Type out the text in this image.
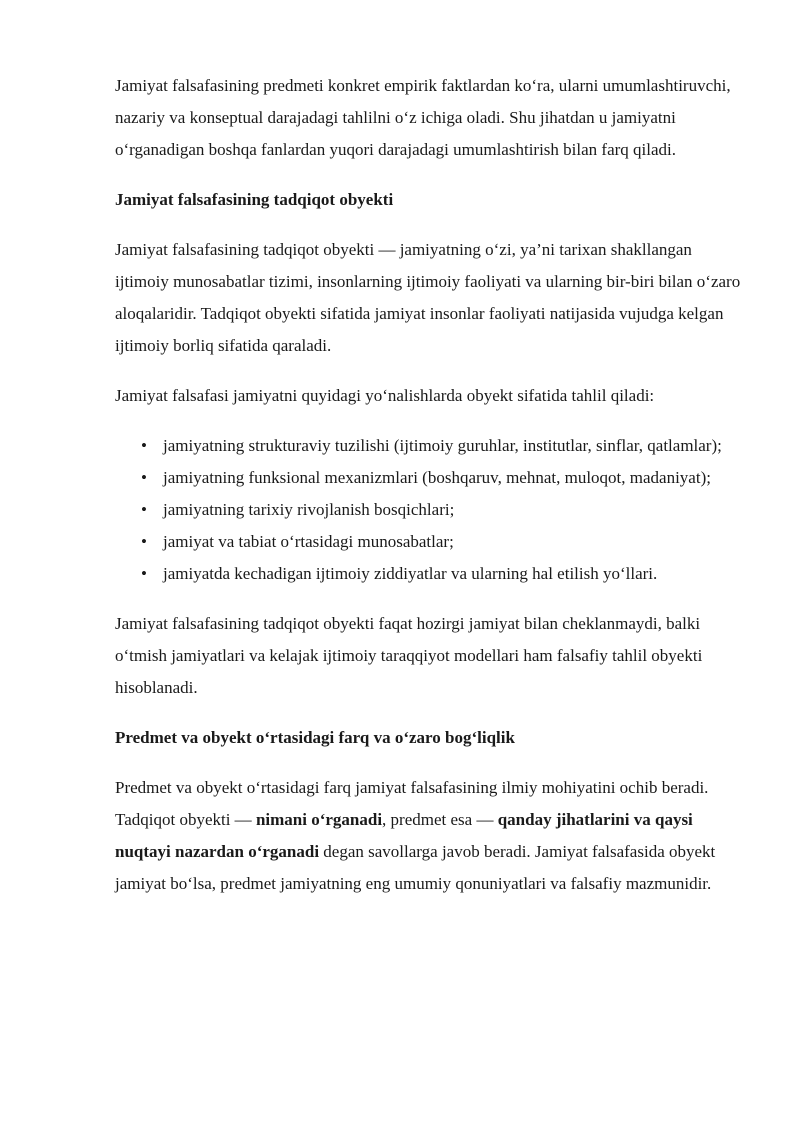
Jamiyat falsafasining predmeti konkret empirik faktlardan ko‘ra, ularni umumlashtiruvchi, nazariy va konseptual darajadagi tahlilni o‘z ichiga oladi. Shu jihatdan u jamiyatni o‘rganadigan boshqa fanlardan yuqori darajadagi umumlashtirish bilan farq qiladi.

Jamiyat falsafasining tadqiqot obyekti

Jamiyat falsafasining tadqiqot obyekti — jamiyatning o‘zi, ya’ni tarixan shakllangan ijtimoiy munosabatlar tizimi, insonlarning ijtimoiy faoliyati va ularning bir-biri bilan o‘zaro aloqalaridir. Tadqiqot obyekti sifatida jamiyat insonlar faoliyati natijasida vujudga kelgan ijtimoiy borliq sifatida qaraladi.

Jamiyat falsafasi jamiyatni quyidagi yo‘nalishlarda obyekt sifatida tahlil qiladi:

• jamiyatning strukturaviy tuzilishi (ijtimoiy guruhlar, institutlar, sinflar, qatlamlar);
• jamiyatning funksional mexanizmlari (boshqaruv, mehnat, muloqot, madaniyat);
• jamiyatning tarixiy rivojlanish bosqichlari;
• jamiyat va tabiat o‘rtasidagi munosabatlar;
• jamiyatda kechadigan ijtimoiy ziddiyatlar va ularning hal etilish yo‘llari.

Jamiyat falsafasining tadqiqot obyekti faqat hozirgi jamiyat bilan cheklanmaydi, balki o‘tmish jamiyatlari va kelajak ijtimoiy taraqqiyot modellari ham falsafiy tahlil obyekti hisoblanadi.

Predmet va obyekt o‘rtasidagi farq va o‘zaro bog‘liqlik

Predmet va obyekt o‘rtasidagi farq jamiyat falsafasining ilmiy mohiyatini ochib beradi. Tadqiqot obyekti — nimani o‘rganadi, predmet esa — qanday jihatlarini va qaysi nuqtayi nazardan o‘rganadi degan savollarga javob beradi. Jamiyat falsafasida obyekt jamiyat bo‘lsa, predmet jamiyatning eng umumiy qonuniyatlari va falsafiy mazmunidir.
